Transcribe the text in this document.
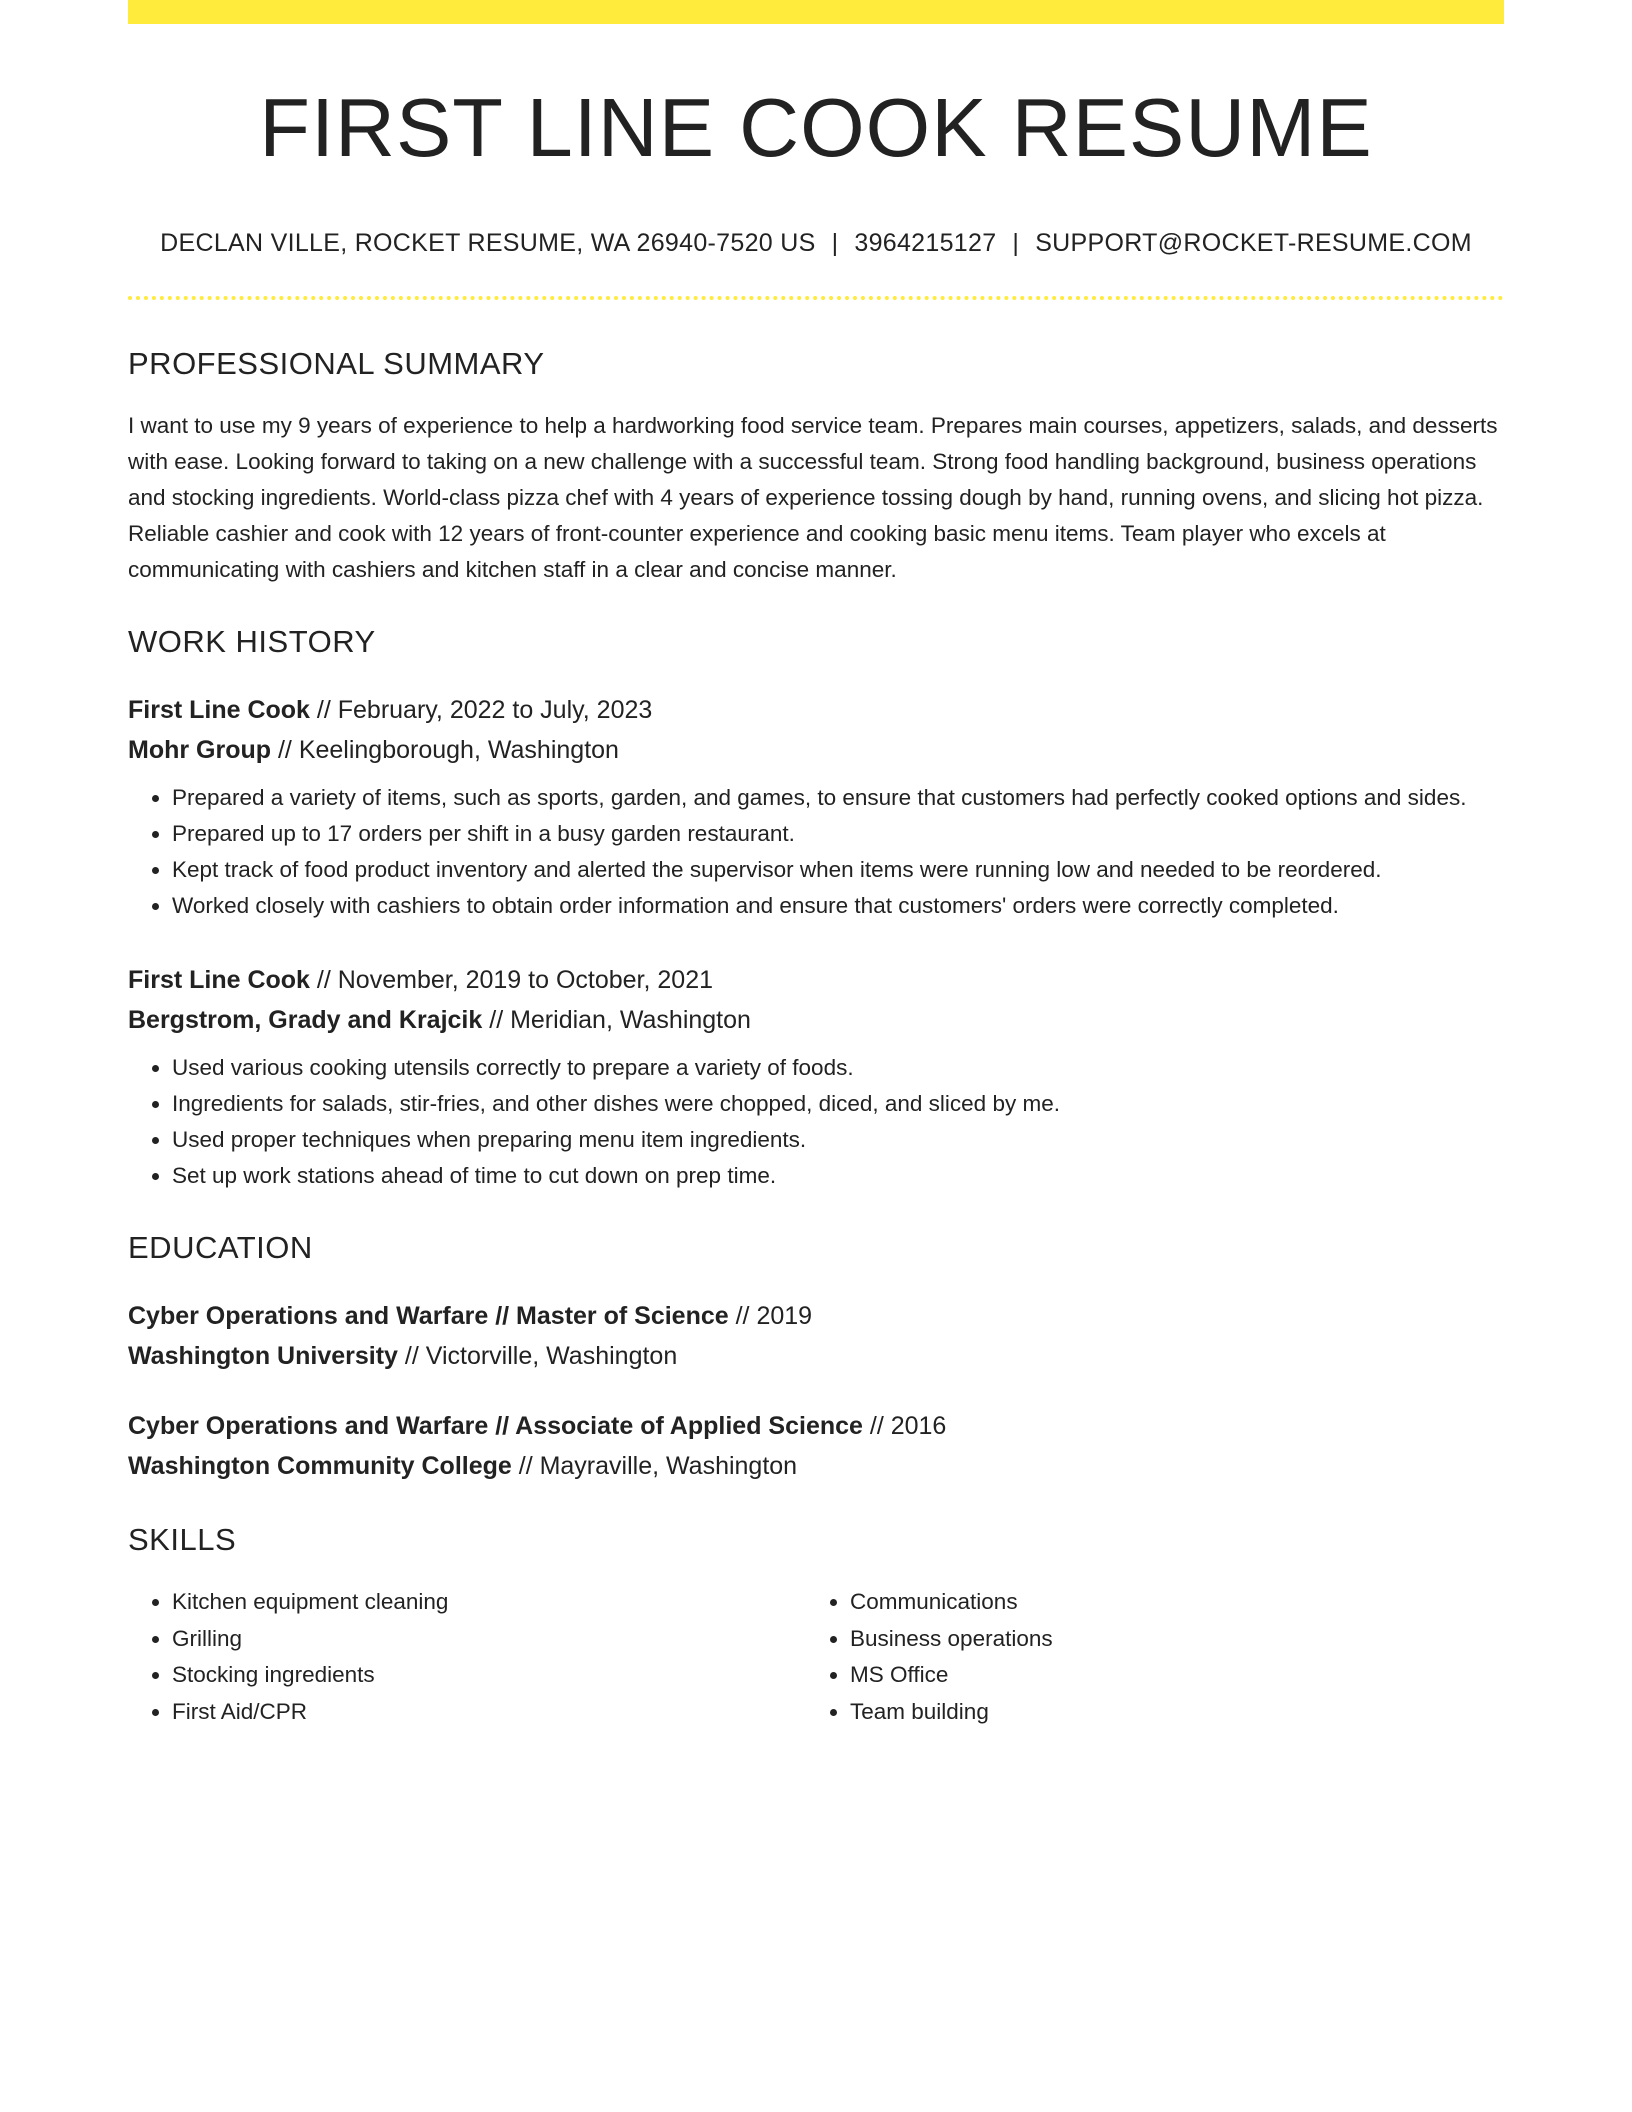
FIRST LINE COOK RESUME
DECLAN VILLE, ROCKET RESUME, WA 26940-7520 US | 3964215127 | SUPPORT@ROCKET-RESUME.COM
PROFESSIONAL SUMMARY
I want to use my 9 years of experience to help a hardworking food service team. Prepares main courses, appetizers, salads, and desserts with ease. Looking forward to taking on a new challenge with a successful team. Strong food handling background, business operations and stocking ingredients. World-class pizza chef with 4 years of experience tossing dough by hand, running ovens, and slicing hot pizza. Reliable cashier and cook with 12 years of front-counter experience and cooking basic menu items. Team player who excels at communicating with cashiers and kitchen staff in a clear and concise manner.
WORK HISTORY
First Line Cook // February, 2022 to July, 2023
Mohr Group // Keelingborough, Washington
• Prepared a variety of items, such as sports, garden, and games, to ensure that customers had perfectly cooked options and sides.
• Prepared up to 17 orders per shift in a busy garden restaurant.
• Kept track of food product inventory and alerted the supervisor when items were running low and needed to be reordered.
• Worked closely with cashiers to obtain order information and ensure that customers' orders were correctly completed.
First Line Cook // November, 2019 to October, 2021
Bergstrom, Grady and Krajcik // Meridian, Washington
• Used various cooking utensils correctly to prepare a variety of foods.
• Ingredients for salads, stir-fries, and other dishes were chopped, diced, and sliced by me.
• Used proper techniques when preparing menu item ingredients.
• Set up work stations ahead of time to cut down on prep time.
EDUCATION
Cyber Operations and Warfare // Master of Science // 2019
Washington University // Victorville, Washington
Cyber Operations and Warfare // Associate of Applied Science // 2016
Washington Community College // Mayraville, Washington
SKILLS
• Kitchen equipment cleaning
• Grilling
• Stocking ingredients
• First Aid/CPR
• Communications
• Business operations
• MS Office
• Team building
